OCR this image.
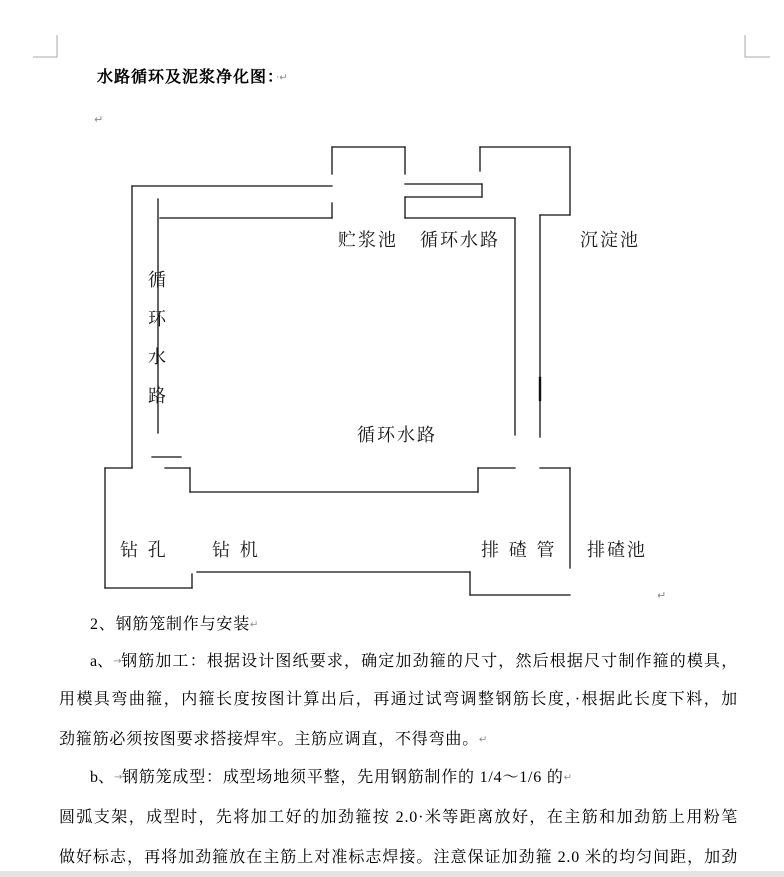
水路循环及泥浆净化图：·↵
↵
贮浆池 循环水路	沉淀池
循
环
水
路
循环水路
钻 孔 钻 机	排 碴 管 排碴池
↵
2、钢筋笼制作与安装↵
a、 → 钢筋加工：根据设计图纸要求，确定加劲箍的尺寸，然后根据尺寸制作箍的模具，
用模具弯曲箍，内箍长度按图计算出后，再通过试弯调整钢筋长度，·根据此长度下料，加
劲箍筋必须按图要求搭接焊牢。主筋应调直，不得弯曲。↵
b、→钢筋笼成型：成型场地须平整，先用钢筋制作的 1/4～1/6 的↵
圆弧支架，成型时，先将加工好的加劲箍按 2.0·米等距离放好，在主筋和加劲筋上用粉笔
做好标志，再将加劲箍放在主筋上对准标志焊接。注意保证加劲箍 2.0 米的均匀间距，加劲
